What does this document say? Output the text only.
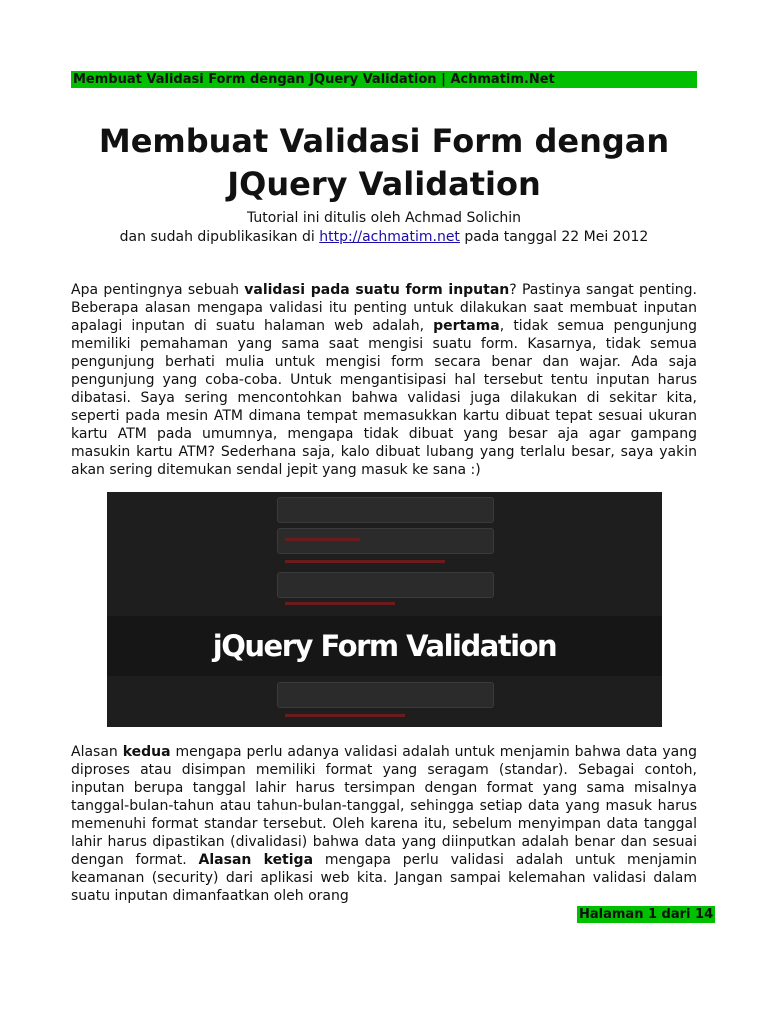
Membuat Validasi Form dengan JQuery Validation | Achmatim.Net
Membuat Validasi Form dengan
JQuery Validation
Tutorial ini ditulis oleh Achmad Solichin
dan sudah dipublikasikan di http://achmatim.net pada tanggal 22 Mei 2012

Apa pentingnya sebuah validasi pada suatu form inputan? Pastinya sangat penting. Beberapa alasan mengapa validasi itu penting untuk dilakukan saat membuat inputan apalagi inputan di suatu halaman web adalah, pertama, tidak semua pengunjung memiliki pemahaman yang sama saat mengisi suatu form. Kasarnya, tidak semua pengunjung berhati mulia untuk mengisi form secara benar dan wajar. Ada saja pengunjung yang coba-coba. Untuk mengantisipasi hal tersebut tentu inputan harus dibatasi. Saya sering mencontohkan bahwa validasi juga dilakukan di sekitar kita, seperti pada mesin ATM dimana tempat memasukkan kartu dibuat tepat sesuai ukuran kartu ATM pada umumnya, mengapa tidak dibuat yang besar aja agar gampang masukin kartu ATM? Sederhana saja, kalo dibuat lubang yang terlalu besar, saya yakin akan sering ditemukan sendal jepit yang masuk ke sana :)

jQuery Form Validation

Alasan kedua mengapa perlu adanya validasi adalah untuk menjamin bahwa data yang diproses atau disimpan memiliki format yang seragam (standar). Sebagai contoh, inputan berupa tanggal lahir harus tersimpan dengan format yang sama misalnya tanggal-bulan-tahun atau tahun-bulan-tanggal, sehingga setiap data yang masuk harus memenuhi format standar tersebut. Oleh karena itu, sebelum menyimpan data tanggal lahir harus dipastikan (divalidasi) bahwa data yang diinputkan adalah benar dan sesuai dengan format. Alasan ketiga mengapa perlu validasi adalah untuk menjamin keamanan (security) dari aplikasi web kita. Jangan sampai kelemahan validasi dalam suatu inputan dimanfaatkan oleh orang

Halaman 1 dari 14
